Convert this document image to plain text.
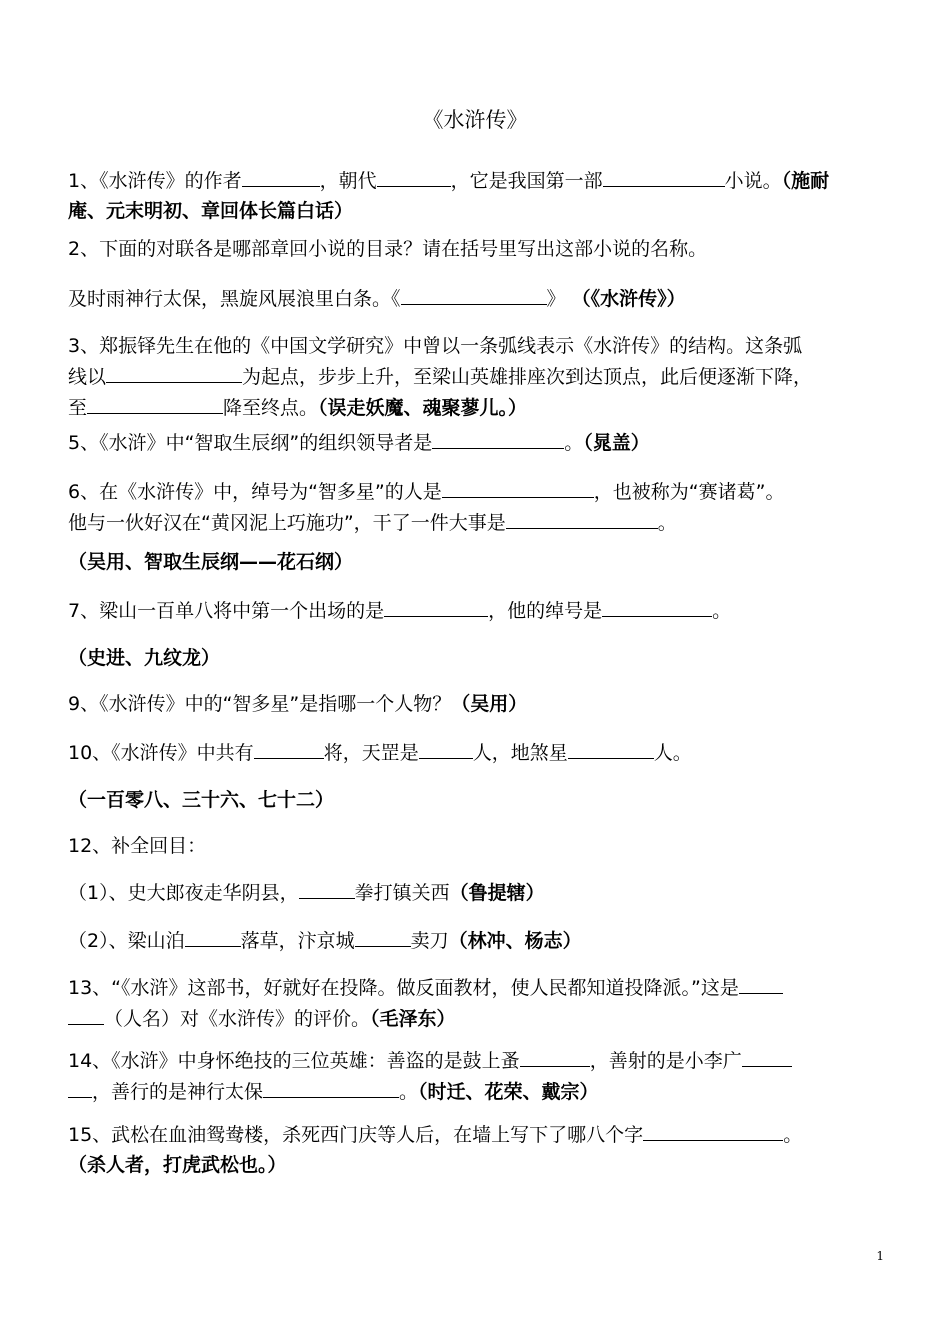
《水浒传》
1、《水浒传》的作者	，朝代	，它是我国第一部	小说。（施耐
庵、元末明初、章回体长篇白话）
2、下面的对联各是哪部章回小说的目录？请在括号里写出这部小说的名称。
及时雨神行太保，黑旋风展浪里白条。《	》 （《水浒传》）
3、郑振铎先生在他的《中国文学研究》中曾以一条弧线表示《水浒传》的结构。这条弧
线以	为起点，步步上升，至梁山英雄排座次到达顶点，此后便逐渐下降，
至	降至终点。（误走妖魔、魂聚蓼儿。）
5、《水浒》中“智取生辰纲”的组织领导者是	。（晁盖）
6、在《水浒传》中，绰号为“智多星”的人是	，也被称为“赛诸葛”。
他与一伙好汉在“黄冈泥上巧施功”，干了一件大事是	。
（吴用、智取生辰纲——花石纲）
7、梁山一百单八将中第一个出场的是	，他的绰号是	。
（史进、九纹龙）
9、《水浒传》中的“智多星”是指哪一个人物？（吴用）
10、《水浒传》中共有	将，天罡是	人，地煞星	人。
（一百零八、三十六、七十二）
12、补全回目：
（1）、史大郎夜走华阴县，	拳打镇关西（鲁提辖）
（2）、梁山泊	落草，汴京城	卖刀（林冲、杨志）
13、“《水浒》这部书，好就好在投降。做反面教材，使人民都知道投降派。”这是
（人名）对《水浒传》的评价。（毛泽东）
14、《水浒》中身怀绝技的三位英雄：善盗的是鼓上蚤	，善射的是小李广
，善行的是神行太保	。（时迁、花荣、戴宗）
15、武松在血油鸳鸯楼，杀死西门庆等人后，在墙上写下了哪八个字	。
（杀人者，打虎武松也。）
1
